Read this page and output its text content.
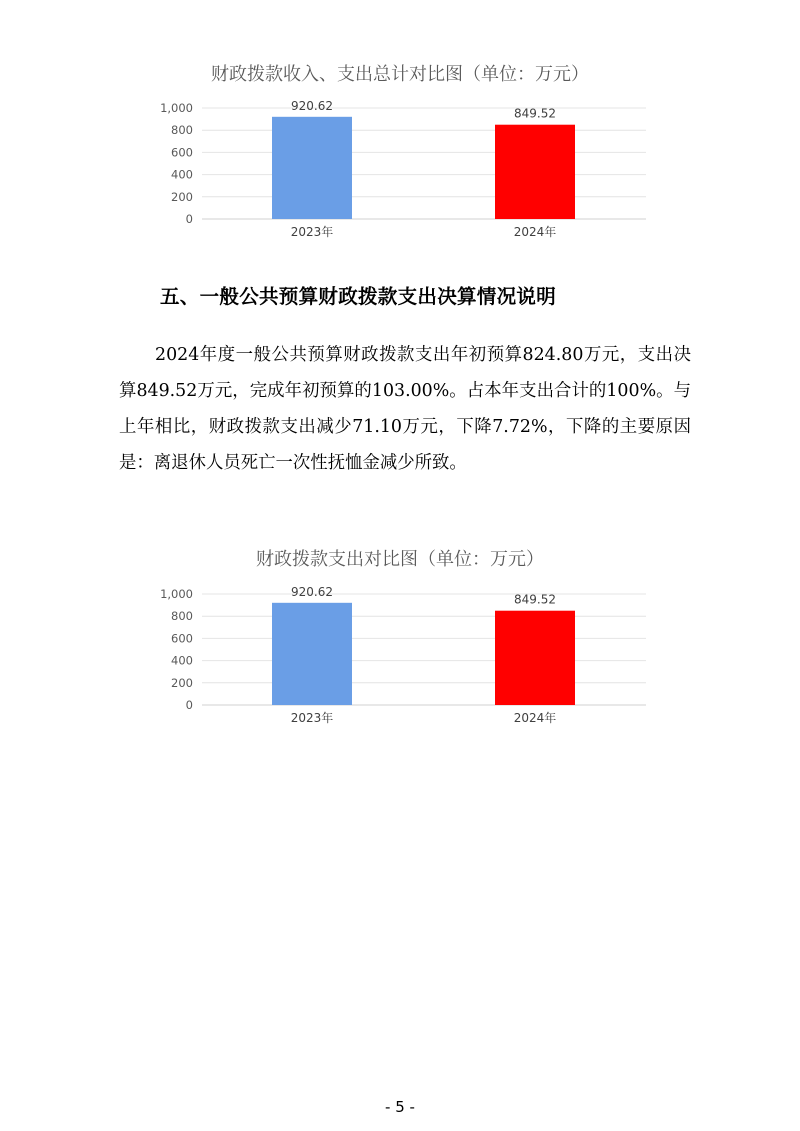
财政拨款收入、支出总计对比图（单位：万元）
0
200
400
600
800
1,000	920.62
2023年
849.52
2024年
五、一般公共预算财政拨款支出决算情况说明

2024年度一般公共预算财政拨款支出年初预算824.80万元，支出决算849.52万元，完成年初预算的103.00%。占本年支出合计的100%。与上年相比，财政拨款支出减少71.10万元，下降7.72%，下降的主要原因是：离退休人员死亡一次性抚恤金减少所致。

财政拨款支出对比图（单位：万元）
0
200
400
600
800
1,000	920.62
2023年
849.52
2024年
- 5 -
